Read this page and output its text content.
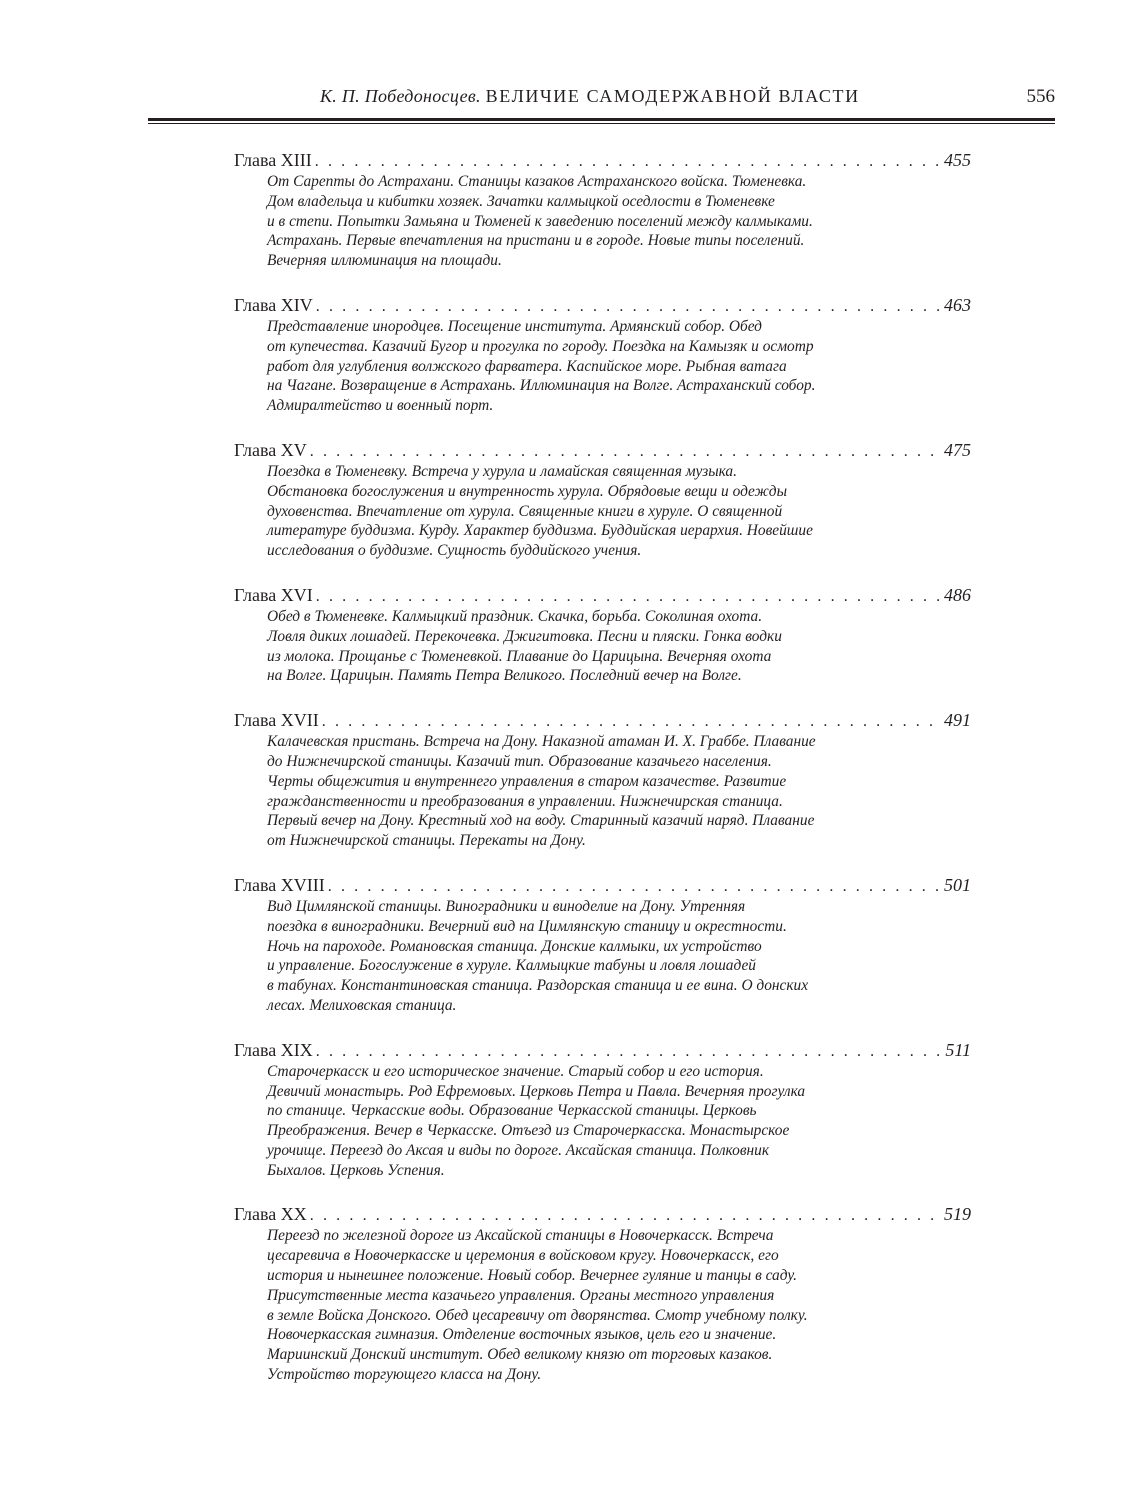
К. П. Победоносцев. ВЕЛИЧИЕ САМОДЕРЖАВНОЙ ВЛАСТИ	556
Глава XIII . . .	455
От Сарепты до Астрахани. Станицы казаков Астраханского войска. Тюменевка.
Дом владельца и кибитки хозяек. Зачатки калмыцкой оседлости в Тюменевке
и в степи. Попытки Замьяна и Тюменей к заведению поселений между калмыками.
Астрахань. Первые впечатления на пристани и в городе. Новые типы поселений.
Вечерняя иллюминация на площади.
Глава XIV . . .	463
Представление инородцев. Посещение института. Армянский собор. Обед
от купечества. Казачий Бугор и прогулка по городу. Поездка на Камызяк и осмотр
работ для углубления волжского фарватера. Каспийское море. Рыбная ватага
на Чагане. Возвращение в Астрахань. Иллюминация на Волге. Астраханский собор.
Адмиралтейство и военный порт.
Глава XV . . .	475
Поездка в Тюменевку. Встреча у хурула и ламайская священная музыка.
Обстановка богослужения и внутренность хурула. Обрядовые вещи и одежды
духовенства. Впечатление от хурула. Священные книги в хуруле. О священной
литературе буддизма. Курду. Характер буддизма. Буддийская иерархия. Новейшие
исследования о буддизме. Сущность буддийского учения.
Глава XVI . . .	486
Обед в Тюменевке. Калмыцкий праздник. Скачка, борьба. Соколиная охота.
Ловля диких лошадей. Перекочевка. Джигитовка. Песни и пляски. Гонка водки
из молока. Прощанье с Тюменевкой. Плавание до Царицына. Вечерняя охота
на Волге. Царицын. Память Петра Великого. Последний вечер на Волге.
Глава XVII . . .	491
Калачевская пристань. Встреча на Дону. Наказной атаман И. Х. Граббе. Плавание
до Нижнечирской станицы. Казачий тип. Образование казачьего населения.
Черты общежития и внутреннего управления в старом казачестве. Развитие
гражданственности и преобразования в управлении. Нижнечирская станица.
Первый вечер на Дону. Крестный ход на воду. Старинный казачий наряд. Плавание
от Нижнечирской станицы. Перекаты на Дону.
Глава XVIII . . .	501
Вид Цимлянской станицы. Виноградники и виноделие на Дону. Утренняя
поездка в виноградники. Вечерний вид на Цимлянскую станицу и окрестности.
Ночь на пароходе. Романовская станица. Донские калмыки, их устройство
и управление. Богослужение в хуруле. Калмыцкие табуны и ловля лошадей
в табунах. Константиновская станица. Раздорская станица и ее вина. О донских
лесах. Мелиховская станица.
Глава XIX . . .	511
Старочеркасск и его историческое значение. Старый собор и его история.
Девичий монастырь. Род Ефремовых. Церковь Петра и Павла. Вечерняя прогулка
по станице. Черкасские воды. Образование Черкасской станицы. Церковь
Преображения. Вечер в Черкасске. Отъезд из Старочеркасска. Монастырское
урочище. Переезд до Аксая и виды по дороге. Аксайская станица. Полковник
Быхалов. Церковь Успения.
Глава XX . . .	519
Переезд по железной дороге из Аксайской станицы в Новочеркасск. Встреча
цесаревича в Новочеркасске и церемония в войсковом кругу. Новочеркасск, его
история и нынешнее положение. Новый собор. Вечернее гуляние и танцы в саду.
Присутственные места казачьего управления. Органы местного управления
в земле Войска Донского. Обед цесаревичу от дворянства. Смотр учебному полку.
Новочеркасская гимназия. Отделение восточных языков, цель его и значение.
Мариинский Донский институт. Обед великому князю от торговых казаков.
Устройство торгующего класса на Дону.
